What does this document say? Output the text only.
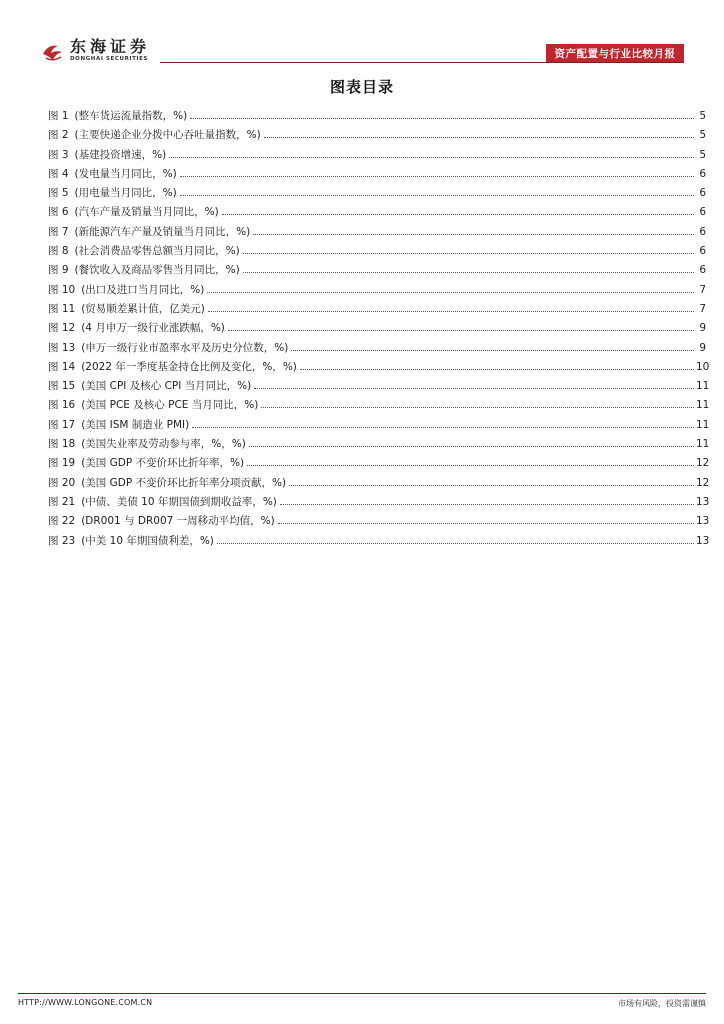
东海证券
DONGHAI SECURITIES	资产配置与行业比较月报
图表目录
图 1 (整车货运流量指数，%)	5
图 2 (主要快递企业分拨中心吞吐量指数，%)	5
图 3 (基建投资增速，%)	5
图 4 (发电量当月同比，%)	6
图 5 (用电量当月同比，%)	6
图 6 (汽车产量及销量当月同比，%)	6
图 7 (新能源汽车产量及销量当月同比，%)	6
图 8 (社会消费品零售总额当月同比，%)	6
图 9 (餐饮收入及商品零售当月同比，%)	6
图 10 (出口及进口当月同比，%)	7
图 11 (贸易顺差累计值，亿美元)	7
图 12 (4 月申万一级行业涨跌幅，%)	9
图 13 (申万一级行业市盈率水平及历史分位数，%)	9
图 14 (2022 年一季度基金持仓比例及变化，%，%)	10
图 15 (美国 CPI 及核心 CPI 当月同比，%)	11
图 16 (美国 PCE 及核心 PCE 当月同比，%)	11
图 17 (美国 ISM 制造业 PMI)	11
图 18 (美国失业率及劳动参与率，%，%)	11
图 19 (美国 GDP 不变价环比折年率，%)	12
图 20 (美国 GDP 不变价环比折年率分项贡献，%)	12
图 21 (中债、美债 10 年期国债到期收益率，%)	13
图 22 (DR001 与 DR007 一周移动平均值，%)	13
图 23 (中美 10 年期国债利差，%)	13
HTTP://WWW.LONGONE.COM.CN	市场有风险，投资需谨慎
